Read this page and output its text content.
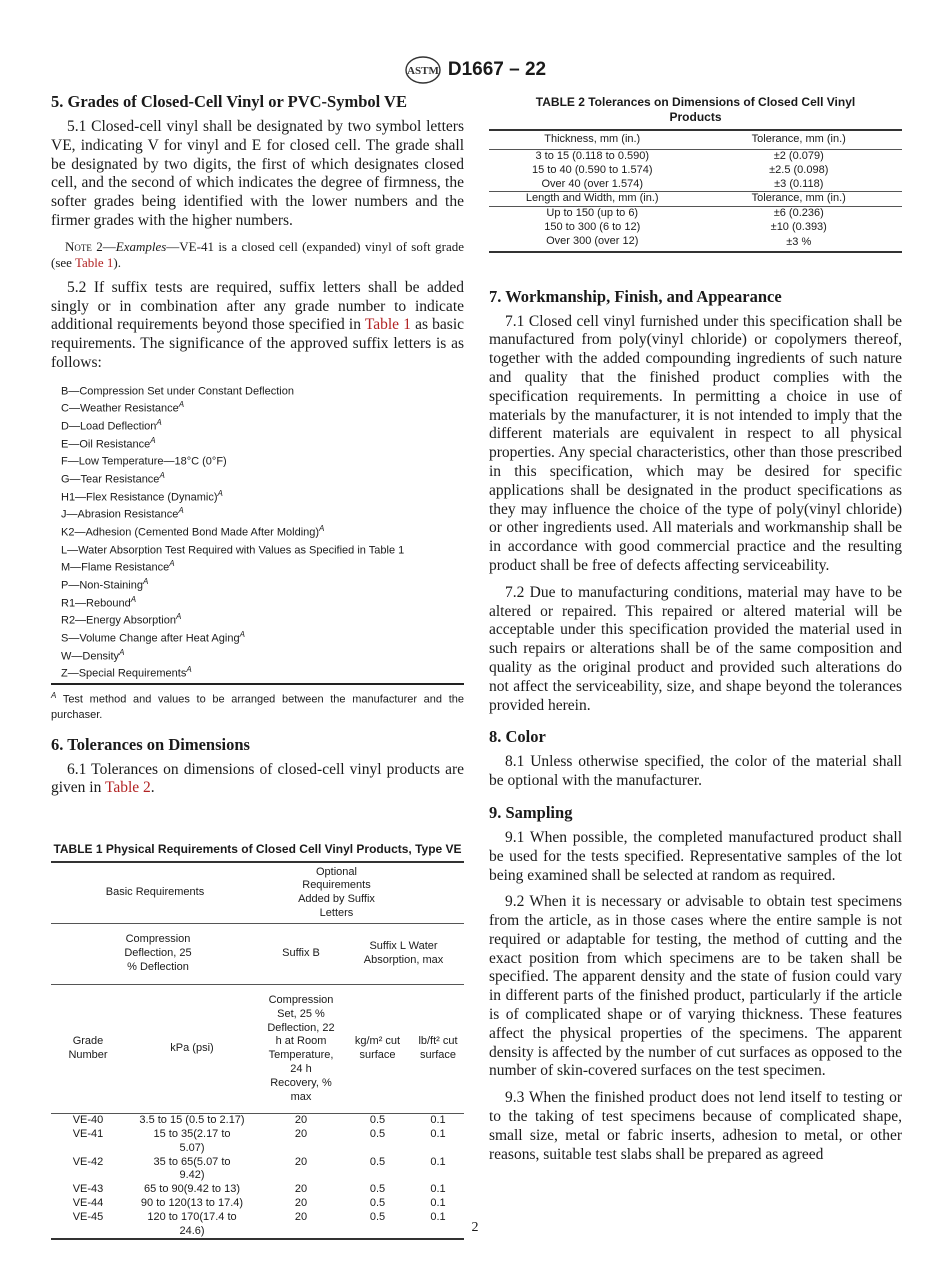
ASTM D1667 – 22
5. Grades of Closed-Cell Vinyl or PVC-Symbol VE

5.1 Closed-cell vinyl shall be designated by two symbol letters VE, indicating V for vinyl and E for closed cell. The grade shall be designated by two digits, the first of which designates closed cell, and the second of which indicates the degree of firmness, the softer grades being identified with the lower numbers and the firmer grades with the higher numbers.

Note 2—Examples—VE-41 is a closed cell (expanded) vinyl of soft grade (see Table 1).

5.2 If suffix tests are required, suffix letters shall be added singly or in combination after any grade number to indicate additional requirements beyond those specified in Table 1 as basic requirements. The significance of the approved suffix letters is as follows:

B—Compression Set under Constant Deflection
C—Weather Resistance$^A$
D—Load Deflection$^A$
E—Oil Resistance$^A$
F—Low Temperature—18°C (0°F)
G—Tear Resistance$^A$
H1—Flex Resistance (Dynamic)$^A$
J—Abrasion Resistance$^A$
K2—Adhesion (Cemented Bond Made After Molding)$^A$
L—Water Absorption Test Required with Values as Specified in Table 1
M—Flame Resistance$^A$
P—Non-Staining$^A$
R1—Rebound$^A$
R2—Energy Absorption$^A$
S—Volume Change after Heat Aging$^A$
W—Density$^A$
Z—Special Requirements$^A$
$^A$ Test method and values to be arranged between the manufacturer and the purchaser.
6. Tolerances on Dimensions

6.1 Tolerances on dimensions of closed-cell vinyl products are given in Table 2.

TABLE 1 Physical Requirements of Closed Cell Vinyl Products, Type VE
Basic Requirements		Optional Requirements Added by Suffix Letters		

Compression Deflection, 25 % Deflection		Suffix B	Suffix L Water Absorption, max	

Grade Number	kPa (psi)	Compression Set, 25 % Deflection, 22 h at Room Temperature, 24 h Recovery, % max	kg/m² cut surface	lb/ft² cut surface

VE-40	3.5 to 15 (0.5 to 2.17)	20	0.5	0.1
VE-41	15 to 35(2.17 to 5.07)	20	0.5	0.1
VE-42	35 to 65(5.07 to 9.42)	20	0.5	0.1
VE-43	65 to 90(9.42 to 13)	20	0.5	0.1
VE-44	90 to 120(13 to 17.4)	20	0.5	0.1
VE-45	120 to 170(17.4 to 24.6)	20	0.5	0.1
TABLE 2 Tolerances on Dimensions of Closed Cell Vinyl Products
Thickness, mm (in.)	Tolerance, mm (in.)
3 to 15 (0.118 to 0.590)	±2 (0.079)
15 to 40 (0.590 to 1.574)	±2.5 (0.098)
Over 40 (over 1.574)	±3 (0.118)
Length and Width, mm (in.)	Tolerance, mm (in.)
Up to 150 (up to 6)	±6 (0.236)
150 to 300 (6 to 12)	±10 (0.393)
Over 300 (over 12)	±3 %
7. Workmanship, Finish, and Appearance

7.1 Closed cell vinyl furnished under this specification shall be manufactured from poly(vinyl chloride) or copolymers thereof, together with the added compounding ingredients of such nature and quality that the finished product complies with the specification requirements. In permitting a choice in use of materials by the manufacturer, it is not intended to imply that the different materials are equivalent in respect to all physical properties. Any special characteristics, other than those prescribed in this specification, which may be desired for specific applications shall be designated in the product specifications as they may influence the choice of the type of poly(vinyl chloride) or other ingredients used. All materials and workmanship shall be in accordance with good commercial practice and the resulting product shall be free of defects affecting serviceability.

7.2 Due to manufacturing conditions, material may have to be altered or repaired. This repaired or altered material will be acceptable under this specification provided the material used in such repairs or alterations shall be of the same composition and quality as the original product and provided such alterations do not affect the serviceability, size, and shape beyond the tolerances provided herein.

8. Color

8.1 Unless otherwise specified, the color of the material shall be optional with the manufacturer.

9. Sampling

9.1 When possible, the completed manufactured product shall be used for the tests specified. Representative samples of the lot being examined shall be selected at random as required.

9.2 When it is necessary or advisable to obtain test specimens from the article, as in those cases where the entire sample is not required or adaptable for testing, the method of cutting and the exact position from which specimens are to be taken shall be specified. The apparent density and the state of fusion could vary in different parts of the finished product, particularly if the article is of complicated shape or of varying thickness. These features affect the physical properties of the specimens. The apparent density is affected by the number of cut surfaces as opposed to the number of skin-covered surfaces on the test specimen.

9.3 When the finished product does not lend itself to testing or to the taking of test specimens because of complicated shape, small size, metal or fabric inserts, adhesion to metal, or other reasons, suitable test slabs shall be prepared as agreed

2
